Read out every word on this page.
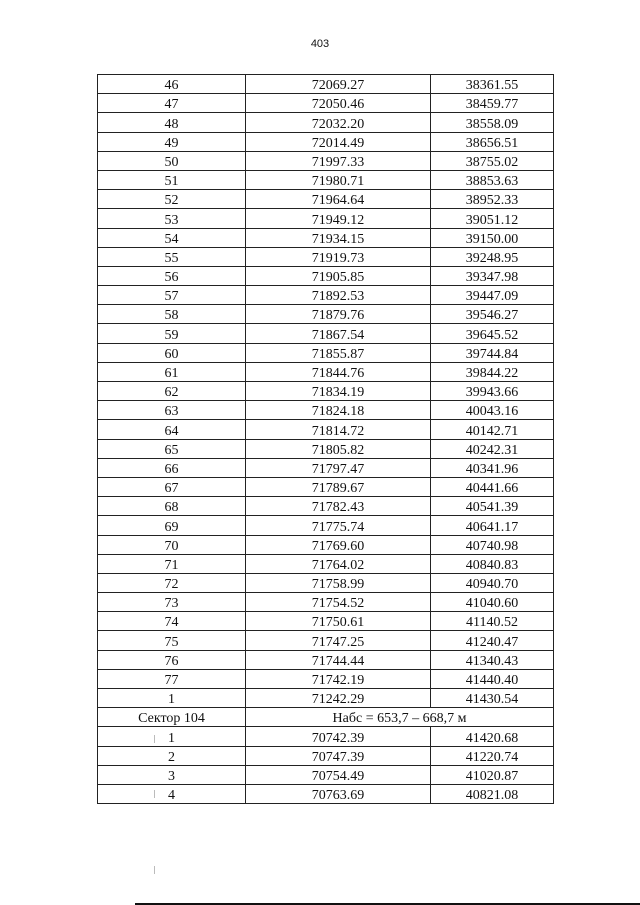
403
46	72069.27	38361.55
47	72050.46	38459.77
48	72032.20	38558.09
49	72014.49	38656.51
50	71997.33	38755.02
51	71980.71	38853.63
52	71964.64	38952.33
53	71949.12	39051.12
54	71934.15	39150.00
55	71919.73	39248.95
56	71905.85	39347.98
57	71892.53	39447.09
58	71879.76	39546.27
59	71867.54	39645.52
60	71855.87	39744.84
61	71844.76	39844.22
62	71834.19	39943.66
63	71824.18	40043.16
64	71814.72	40142.71
65	71805.82	40242.31
66	71797.47	40341.96
67	71789.67	40441.66
68	71782.43	40541.39
69	71775.74	40641.17
70	71769.60	40740.98
71	71764.02	40840.83
72	71758.99	40940.70
73	71754.52	41040.60
74	71750.61	41140.52
75	71747.25	41240.47
76	71744.44	41340.43
77	71742.19	41440.40
1	71242.29	41430.54
Сектор 104	Набс = 653,7 – 668,7 м	
1	70742.39	41420.68
2	70747.39	41220.74
3	70754.49	41020.87
4	70763.69	40821.08
